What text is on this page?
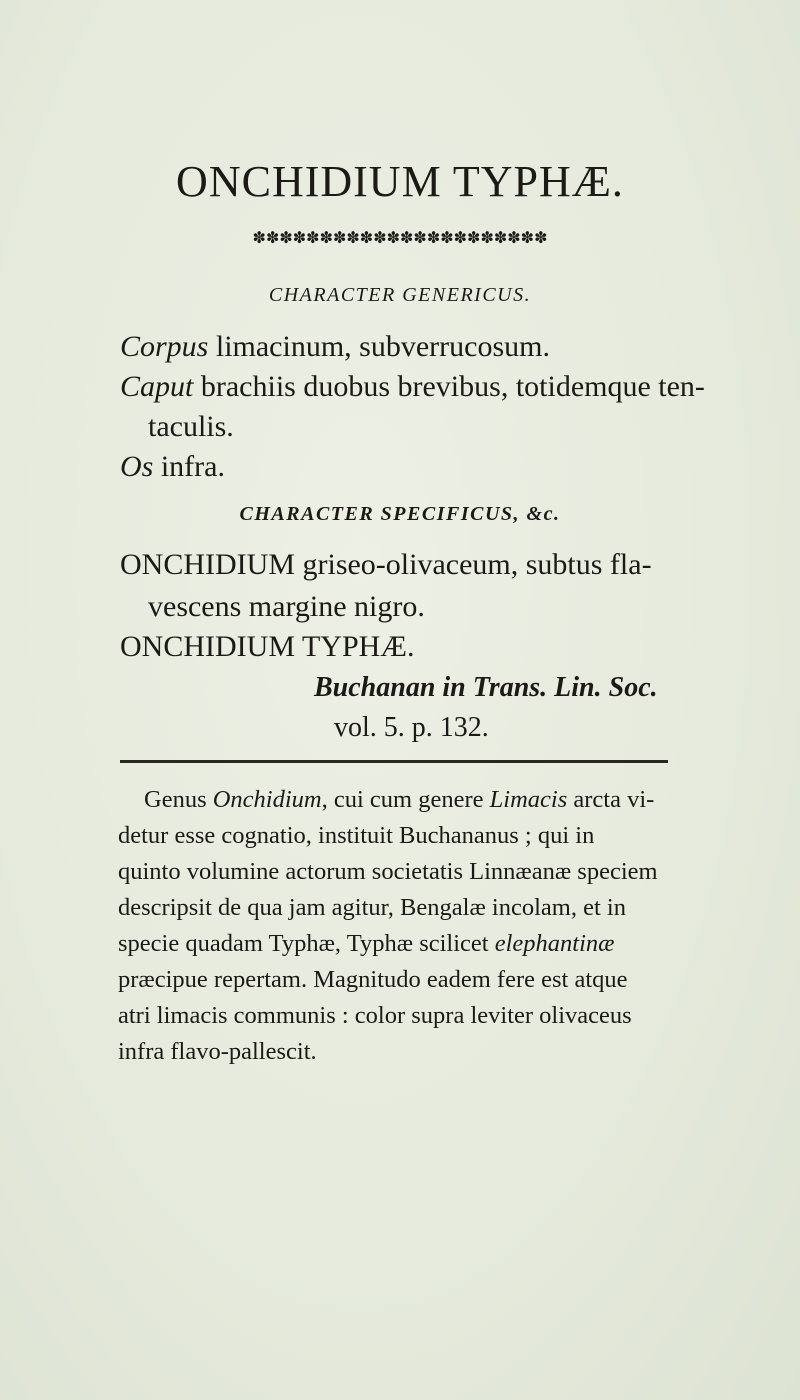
ONCHIDIUM TYPHÆ.
✽✽✽✽✽✽✽✽✽✽✽✽✽✽✽✽✽✽✽✽✽✽
CHARACTER GENERICUS.
Corpus limacinum, subverrucosum.
Caput brachiis duobus brevibus, totidemque ten-
taculis.
Os infra.
CHARACTER SPECIFICUS, &c.
ONCHIDIUM griseo-olivaceum, subtus fla-
vescens margine nigro.
ONCHIDIUM TYPHÆ.
Buchanan in Trans. Lin. Soc.
vol. 5. p. 132.
Genus Onchidium, cui cum genere Limacis arcta vi-
detur esse cognatio, instituit Buchananus ; qui in
quinto volumine actorum societatis Linnæanæ speciem
descripsit de qua jam agitur, Bengalæ incolam, et in
specie quadam Typhæ, Typhæ scilicet elephantinæ
præcipue repertam. Magnitudo eadem fere est atque
atri limacis communis : color supra leviter olivaceus
infra flavo-pallescit.
